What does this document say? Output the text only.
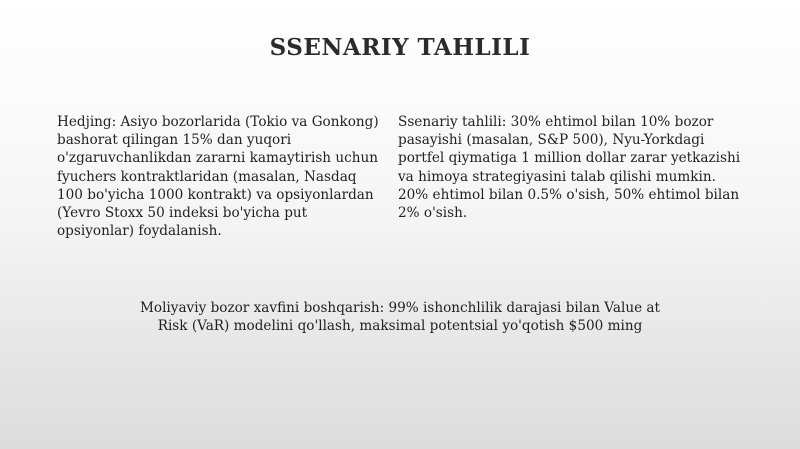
SSENARIY TAHLILI

Hedjing: Asiyo bozorlarida (Tokio va Gonkong) bashorat qilingan 15% dan yuqori o'zgaruvchanlikdan zararni kamaytirish uchun fyuchers kontraktlaridan (masalan, Nasdaq 100 bo'yicha 1000 kontrakt) va opsiyonlardan (Yevro Stoxx 50 indeksi bo'yicha put opsiyonlar) foydalanish.

Ssenariy tahlili: 30% ehtimol bilan 10% bozor pasayishi (masalan, S&P 500), Nyu-Yorkdagi portfel qiymatiga 1 million dollar zarar yetkazishi va himoya strategiyasini talab qilishi mumkin. 20% ehtimol bilan 0.5% o'sish, 50% ehtimol bilan 2% o'sish.

Moliyaviy bozor xavfini boshqarish: 99% ishonchlilik darajasi bilan Value at Risk (VaR) modelini qo'llash, maksimal potentsial yo'qotish $500 ming
